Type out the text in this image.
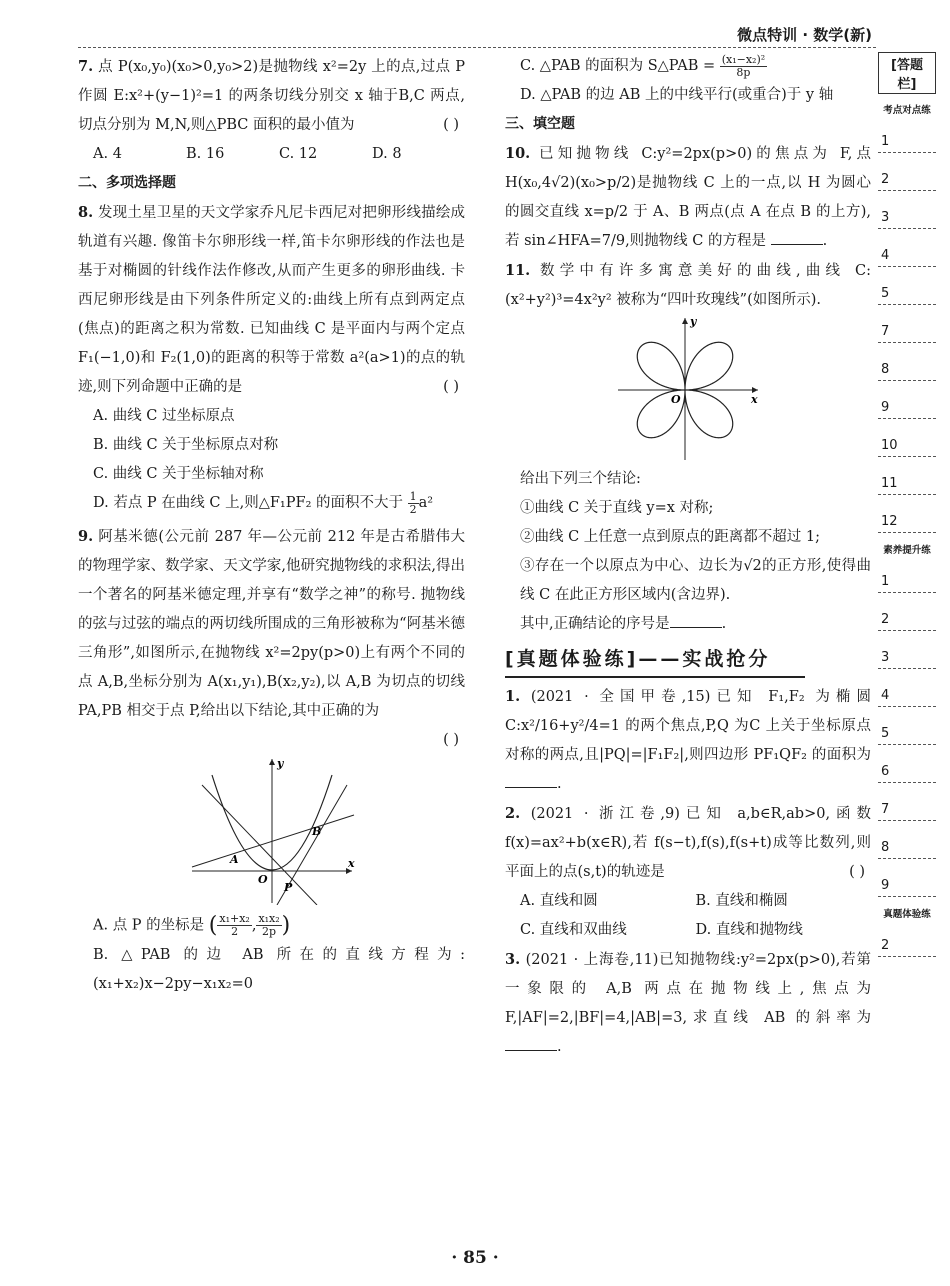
微点特训 · 数学(新)
7. 点 P(x₀,y₀)(x₀>0,y₀>2)是抛物线 x²=2y 上的点,过点 P 作圆 E:x²+(y−1)²=1 的两条切线分别交 x 轴于B,C 两点,切点分别为 M,N,则△PBC 面积的最小值为	( )
A. 4	B. 16	C. 12	D. 8
二、多项选择题
8. 发现土星卫星的天文学家乔凡尼卡西尼对把卵形线描绘成轨道有兴趣. 像笛卡尔卵形线一样,笛卡尔卵形线的作法也是基于对椭圆的针线作法作修改,从而产生更多的卵形曲线. 卡西尼卵形线是由下列条件所定义的:曲线上所有点到两定点(焦点)的距离之积为常数. 已知曲线 C 是平面内与两个定点 F₁(−1,0)和 F₂(1,0)的距离的积等于常数 a²(a>1)的点的轨迹,则下列命题中正确的是	( )
A. 曲线 C 过坐标原点
B. 曲线 C 关于坐标原点对称
C. 曲线 C 关于坐标轴对称
D. 若点 P 在曲线 C 上,则△F₁PF₂ 的面积不大于 $\frac{1}{2} a^2$
9. 阿基米德(公元前 287 年—公元前 212 年是古希腊伟大的物理学家、数学家、天文学家,他研究抛物线的求积法,得出一个著名的阿基米德定理,并享有“数学之神”的称号. 抛物线的弦与过弦的端点的两切线所围成的三角形被称为“阿基米德三角形”,如图所示,在抛物线 x²=2py(p>0)上有两个不同的点 A,B,坐标分别为 A(x₁,y₁),B(x₂,y₂),以 A,B 为切点的切线 PA,PB 相交于点 P,给出以下结论,其中正确的为
( )
y
x
A
B
O
P
A. 点 P 的坐标是 ( $\frac{\text{x₁+x₂}}{2}$ , $\frac{\text{x₁x₂}}{2p}$ )
B. △PAB 的边 AB 所在的直线方程为:(x₁+x₂)x−2py−x₁x₂=0
C. △PAB 的面积为 S△PAB = $\frac{\text{(x₁−x₂)²}}{8p}$
D. △PAB 的边 AB 上的中线平行(或重合)于 y 轴
三、填空题
10. 已知抛物线 C:y²=2px(p>0)的焦点为 F,点 H(x₀,4√2)(x₀>p/2)是抛物线 C 上的一点,以 H 为圆心的圆交直线 x=p/2 于 A、B 两点(点 A 在点 B 的上方),若 sin∠HFA=7/9,则抛物线 C 的方程是	.
11. 数学中有许多寓意美好的曲线,曲线 C:(x²+y²)³=4x²y² 被称为“四叶玫瑰线”(如图所示).
y
x
O
给出下列三个结论:
①曲线 C 关于直线 y=x 对称;
②曲线 C 上任意一点到原点的距离都不超过 1;
③存在一个以原点为中心、边长为√2的正方形,使得曲线 C 在此正方形区域内(含边界).
其中,正确结论的序号是	.
[真题体验练]——实战抢分
1. (2021 · 全国甲卷,15)已知 F₁,F₂ 为椭圆 C:x²/16+y²/4=1 的两个焦点,P,Q 为C 上关于坐标原点对称的两点,且|PQ|=|F₁F₂|,则四边形 PF₁QF₂ 的面积为 .
2. (2021 · 浙江卷,9)已知 a,b∈R,ab>0,函数 f(x)=ax²+b(x∈R),若 f(s−t),f(s),f(s+t)成等比数列,则平面上的点(s,t)的轨迹是	( )
A. 直线和圆	B. 直线和椭圆
C. 直线和双曲线	D. 直线和抛物线
3. (2021 · 上海卷,11)已知抛物线:y²=2px(p>0),若第一象限的 A,B 两点在抛物线上,焦点为 F,|AF|=2,|BF|=4,|AB|=3,求直线 AB 的斜率为 .
[答题栏]
考点对点练
1
2
3
4
5
7
8
9
10
11
12
素养提升练
1
2
3
4
5
6
7
8
9
真题体验练
2
· 85 ·
